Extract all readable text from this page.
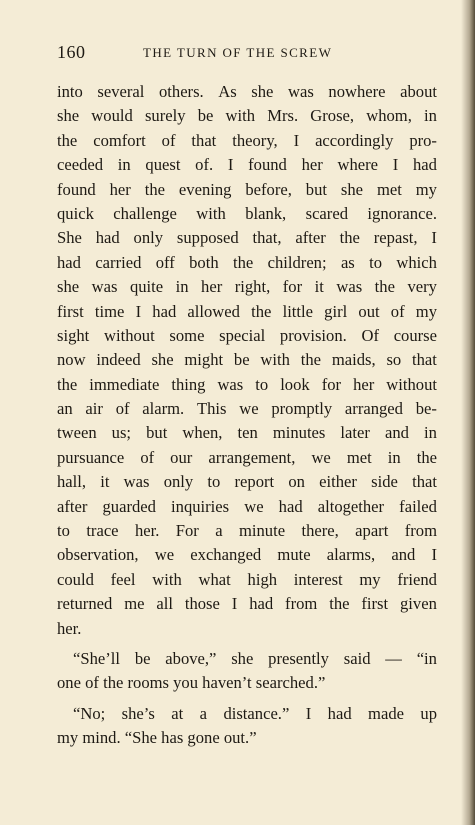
160	THE TURN OF THE SCREW
into several others. As she was nowhere about
she would surely be with Mrs. Grose, whom, in
the comfort of that theory, I accordingly pro-
ceeded in quest of. I found her where I had
found her the evening before, but she met my
quick challenge with blank, scared ignorance.
She had only supposed that, after the repast, I
had carried off both the children; as to which
she was quite in her right, for it was the very
first time I had allowed the little girl out of my
sight without some special provision. Of course
now indeed she might be with the maids, so that
the immediate thing was to look for her without
an air of alarm. This we promptly arranged be-
tween us; but when, ten minutes later and in
pursuance of our arrangement, we met in the
hall, it was only to report on either side that
after guarded inquiries we had altogether failed
to trace her. For a minute there, apart from
observation, we exchanged mute alarms, and I
could feel with what high interest my friend
returned me all those I had from the first given
her.
“She’ll be above,” she presently said — “in
one of the rooms you haven’t searched.”
“No; she’s at a distance.” I had made up
my mind. “She has gone out.”
